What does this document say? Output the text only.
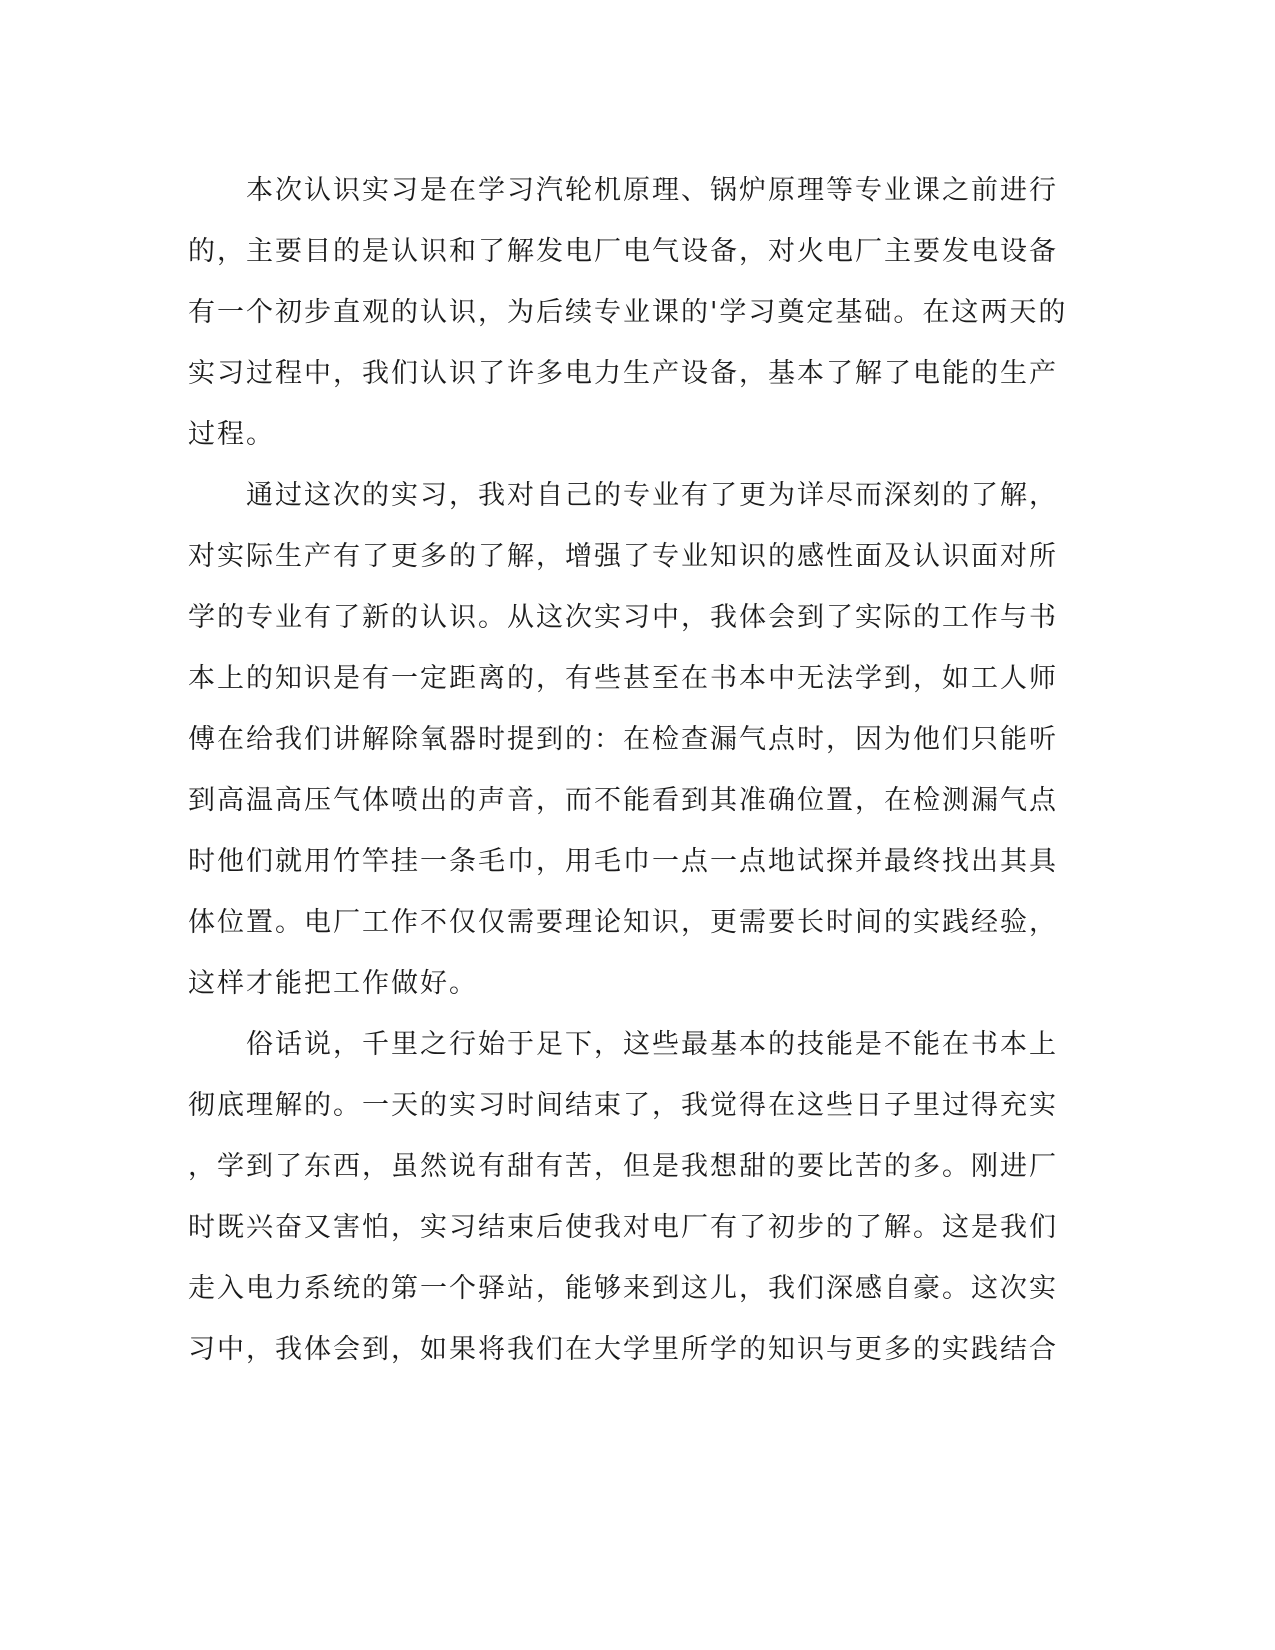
　　本次认识实习是在学习汽轮机原理、锅炉原理等专业课之前进行
的，主要目的是认识和了解发电厂电气设备，对火电厂主要发电设备
有一个初步直观的认识，为后续专业课的'学习奠定基础。在这两天的
实习过程中，我们认识了许多电力生产设备，基本了解了电能的生产
过程。
　　通过这次的实习，我对自己的专业有了更为详尽而深刻的了解，
对实际生产有了更多的了解，增强了专业知识的感性面及认识面对所
学的专业有了新的认识。从这次实习中，我体会到了实际的工作与书
本上的知识是有一定距离的，有些甚至在书本中无法学到，如工人师
傅在给我们讲解除氧器时提到的：在检查漏气点时，因为他们只能听
到高温高压气体喷出的声音，而不能看到其准确位置，在检测漏气点
时他们就用竹竿挂一条毛巾，用毛巾一点一点地试探并最终找出其具
体位置。电厂工作不仅仅需要理论知识，更需要长时间的实践经验，
这样才能把工作做好。
　　俗话说，千里之行始于足下，这些最基本的技能是不能在书本上
彻底理解的。一天的实习时间结束了，我觉得在这些日子里过得充实
，学到了东西，虽然说有甜有苦，但是我想甜的要比苦的多。刚进厂
时既兴奋又害怕，实习结束后使我对电厂有了初步的了解。这是我们
走入电力系统的第一个驿站，能够来到这儿，我们深感自豪。这次实
习中，我体会到，如果将我们在大学里所学的知识与更多的实践结合
